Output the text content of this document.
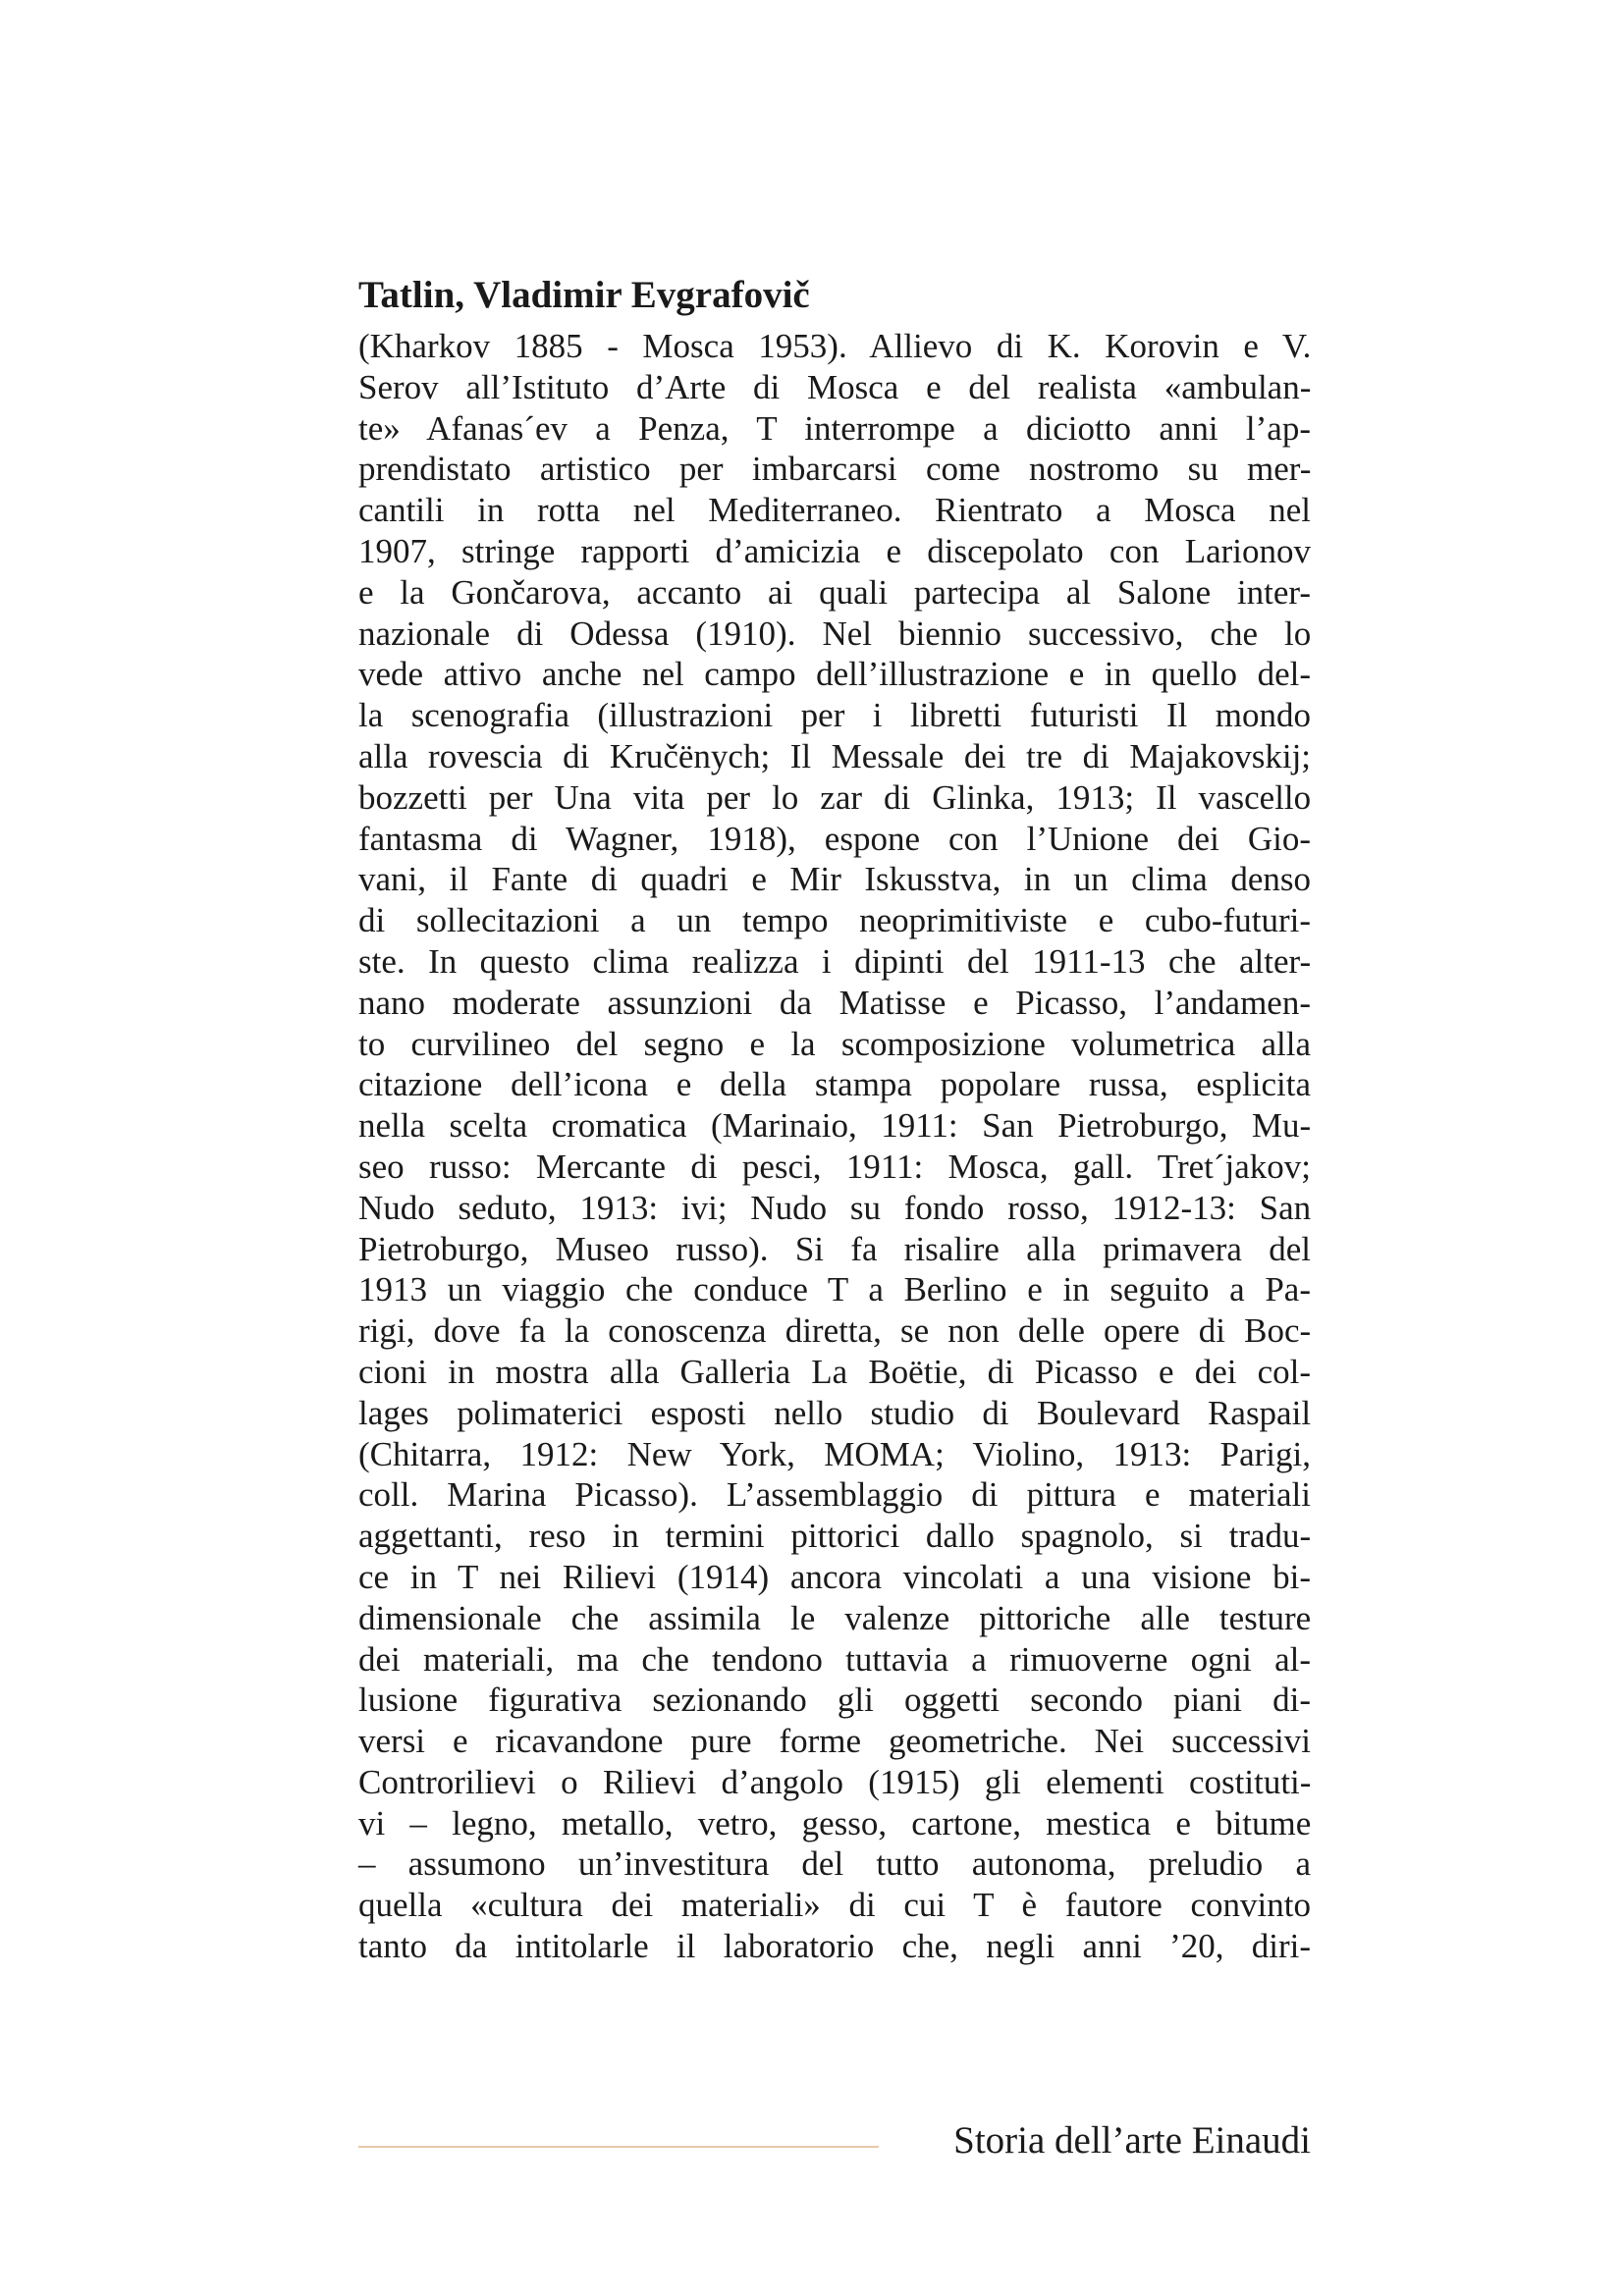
Tatlin, Vladimir Evgrafovič

(Kharkov 1885 - Mosca 1953). Allievo di K. Korovin e V.
Serov all’Istituto d’Arte di Mosca e del realista «ambulan-
te» Afanas´ev a Penza, T interrompe a diciotto anni l’ap-
prendistato artistico per imbarcarsi come nostromo su mer-
cantili in rotta nel Mediterraneo. Rientrato a Mosca nel
1907, stringe rapporti d’amicizia e discepolato con Larionov
e la Gončarova, accanto ai quali partecipa al Salone inter-
nazionale di Odessa (1910). Nel biennio successivo, che lo
vede attivo anche nel campo dell’illustrazione e in quello del-
la scenografia (illustrazioni per i libretti futuristi Il mondo
alla rovescia di Kručënych; Il Messale dei tre di Majakovskij;
bozzetti per Una vita per lo zar di Glinka, 1913; Il vascello
fantasma di Wagner, 1918), espone con l’Unione dei Gio-
vani, il Fante di quadri e Mir Iskusstva, in un clima denso
di sollecitazioni a un tempo neoprimitiviste e cubo-futuri-
ste. In questo clima realizza i dipinti del 1911-13 che alter-
nano moderate assunzioni da Matisse e Picasso, l’andamen-
to curvilineo del segno e la scomposizione volumetrica alla
citazione dell’icona e della stampa popolare russa, esplicita
nella scelta cromatica (Marinaio, 1911: San Pietroburgo, Mu-
seo russo: Mercante di pesci, 1911: Mosca, gall. Tret´jakov;
Nudo seduto, 1913: ivi; Nudo su fondo rosso, 1912-13: San
Pietroburgo, Museo russo). Si fa risalire alla primavera del
1913 un viaggio che conduce T a Berlino e in seguito a Pa-
rigi, dove fa la conoscenza diretta, se non delle opere di Boc-
cioni in mostra alla Galleria La Boëtie, di Picasso e dei col-
lages polimaterici esposti nello studio di Boulevard Raspail
(Chitarra, 1912: New York, MOMA; Violino, 1913: Parigi,
coll. Marina Picasso). L’assemblaggio di pittura e materiali
aggettanti, reso in termini pittorici dallo spagnolo, si tradu-
ce in T nei Rilievi (1914) ancora vincolati a una visione bi-
dimensionale che assimila le valenze pittoriche alle testure
dei materiali, ma che tendono tuttavia a rimuoverne ogni al-
lusione figurativa sezionando gli oggetti secondo piani di-
versi e ricavandone pure forme geometriche. Nei successivi
Controrilievi o Rilievi d’angolo (1915) gli elementi costituti-
vi – legno, metallo, vetro, gesso, cartone, mestica e bitume
– assumono un’investitura del tutto autonoma, preludio a
quella «cultura dei materiali» di cui T è fautore convinto
tanto da intitolarle il laboratorio che, negli anni ’20, diri-

Storia dell’arte Einaudi
